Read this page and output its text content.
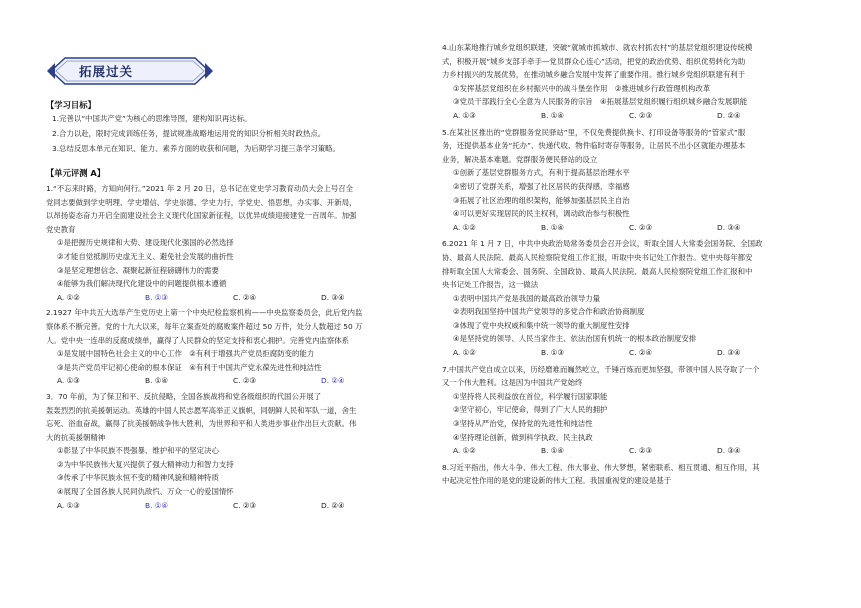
拓展过关
【学习目标】
1.完善以“中国共产党”为核心的思维导图，建构知识再达标。
2.合力以赴，限时完成训练任务，提试规准战略地运用党的知识分析相关时政热点。
3.总结反思本单元在知识、能力、素养方面的收获和问题，为后期学习提三条学习策略。
【单元评测 A】
1.“不忘来时路，方知向何行。”2021 年 2 月 20 日，总书记在党史学习教育动员大会上号召全
党同志要做到学史明理、学史增信、学史崇德、学史力行，学党史、悟思想，办实事、开新局，
以昂扬姿态奋力开启全面建设社会主义现代化国家新征程，以优异成绩迎接建党一百周年。加强
党史教育
①是把握历史规律和大势、建设现代化强国的必然选择
②才能自觉抵制历史虚无主义、避免社会发展的曲折性
③是坚定理想信念、凝聚起新征程磅礴伟力的需要
④能够为我们解决现代化建设中的问题提供根本遵循
A. ①②	B. ①③	C. ②④	D. ③④
2.1927 年中共五大选举产生党历史上第一个中央纪检监察机构——中央监察委员会，此后党内监
察体系不断完善。党的十九大以来，每年立案查处的腐败案件超过 50 万件，处分人数超过 50 万
人。党中央一连串的反腐成绩单，赢得了人民群众的坚定支持和衷心拥护。完善党内监察体系
①是发展中国特色社会主义的中心工作　②有利于增强共产党员拒腐防变的能力
③是共产党员牢记初心使命的根本保证　④有利于中国共产党永葆先进性和纯洁性
A. ①③	B. ①④	C. ②③	D. ②④
3．70 年前，为了保卫和平、反抗侵略，全国各族战将和党各级组织的代国公开展了
轰轰烈烈的抗美援朝运动。英雄的中国人民志愿军高举正义旗帜，同朝鲜人民和军队一道，舍生
忘死、浴血奋战，赢得了抗美援朝战争伟大胜利，为世界和平和人类进步事业作出巨大贡献。伟
大的抗美援朝精神
①彰显了中华民族不畏强暴、维护和平的坚定决心
②为中华民族伟大复兴提供了强大精神动力和智力支持
③传承了中华民族永恒不变的精神风貌和精神特质
④展现了全国各族人民同仇敌忾、万众一心的爱国情怀
A. ①③	B. ①④	C. ②③	D. ②④
4.山东某地推行城乡党组织联建，突破“就城市抓城市、就农村抓农村”的基层党组织建设传统模
式，积极开展“城乡支部手牵手—党员群众心连心”活动，把党的政治优势、组织优势转化为助
力乡村振兴的发展优势，在推动城乡融合发展中发挥了重要作用。推行城乡党组织联建有利于
①发挥基层党组织在乡村振兴中的战斗堡垒作用　②推进城乡行政管理机构改革
③党员干部践行全心全意为人民服务的宗旨　④拓展基层党组织履行组织城乡融合发展职能
A. ①③	B. ①④	C. ②③	D. ②④
5.在某社区推出的“党群服务党民驿站”里，不仅免费提供换卡、打印设备等服务的“管家式”服
务，还提供基本业务“托办”、快递代收、物件临时寄存等服务，让居民不出小区就能办理基本
业务，解决基本难题。党群服务便民驿站的设立
①创新了基层党群服务方式，有利于提高基层治理水平
②密切了党群关系，增强了社区居民的获得感、幸福感
③拓展了社区治理的组织架构，能够加强基层民主自治
④可以更好实现居民的民主权利，调动政治参与积极性
A. ①②	B. ①④	C. ②③	D. ③④
6.2021 年 1 月 7 日，中共中央政治局常务委员会召开会议，听取全国人大常委会国务院、全国政
协、最高人民法院、最高人民检察院党组工作汇报，听取中央书记处工作报告。党中央每年都安
排听取全国人大常委会、国务院、全国政协、最高人民法院、最高人民检察院党组工作汇报和中
央书记处工作报告，这一做法
①表明中国共产党是我国的最高政治领导力量
②表明我国坚持中国共产党领导的多党合作和政治协商制度
③体现了党中央权威和集中统一领导的重大制度性安排
④是坚持党的领导、人民当家作主、依法治国有机统一的根本政治制度安排
A. ①②	B. ①③	C. ②④	D. ③④
7.中国共产党自成立以来，历经磨难而巍然屹立，千锤百炼而更加坚强，带领中国人民夺取了一个
又一个伟大胜利。这是因为中国共产党始终
①坚持将人民利益放在首位，科学履行国家职能
②坚守初心，牢记使命，得到了广大人民的拥护
③坚持从严治党，保持党的先进性和纯洁性
④坚持理论创新，做到科学执政、民主执政
A. ①②	B. ①④	C. ②③	D. ③④
8.习近平指出，伟大斗争、伟大工程、伟大事业、伟大梦想，紧密联系、相互贯通、相互作用，其
中起决定性作用的是党的建设新的伟大工程。我国重视党的建设是基于
